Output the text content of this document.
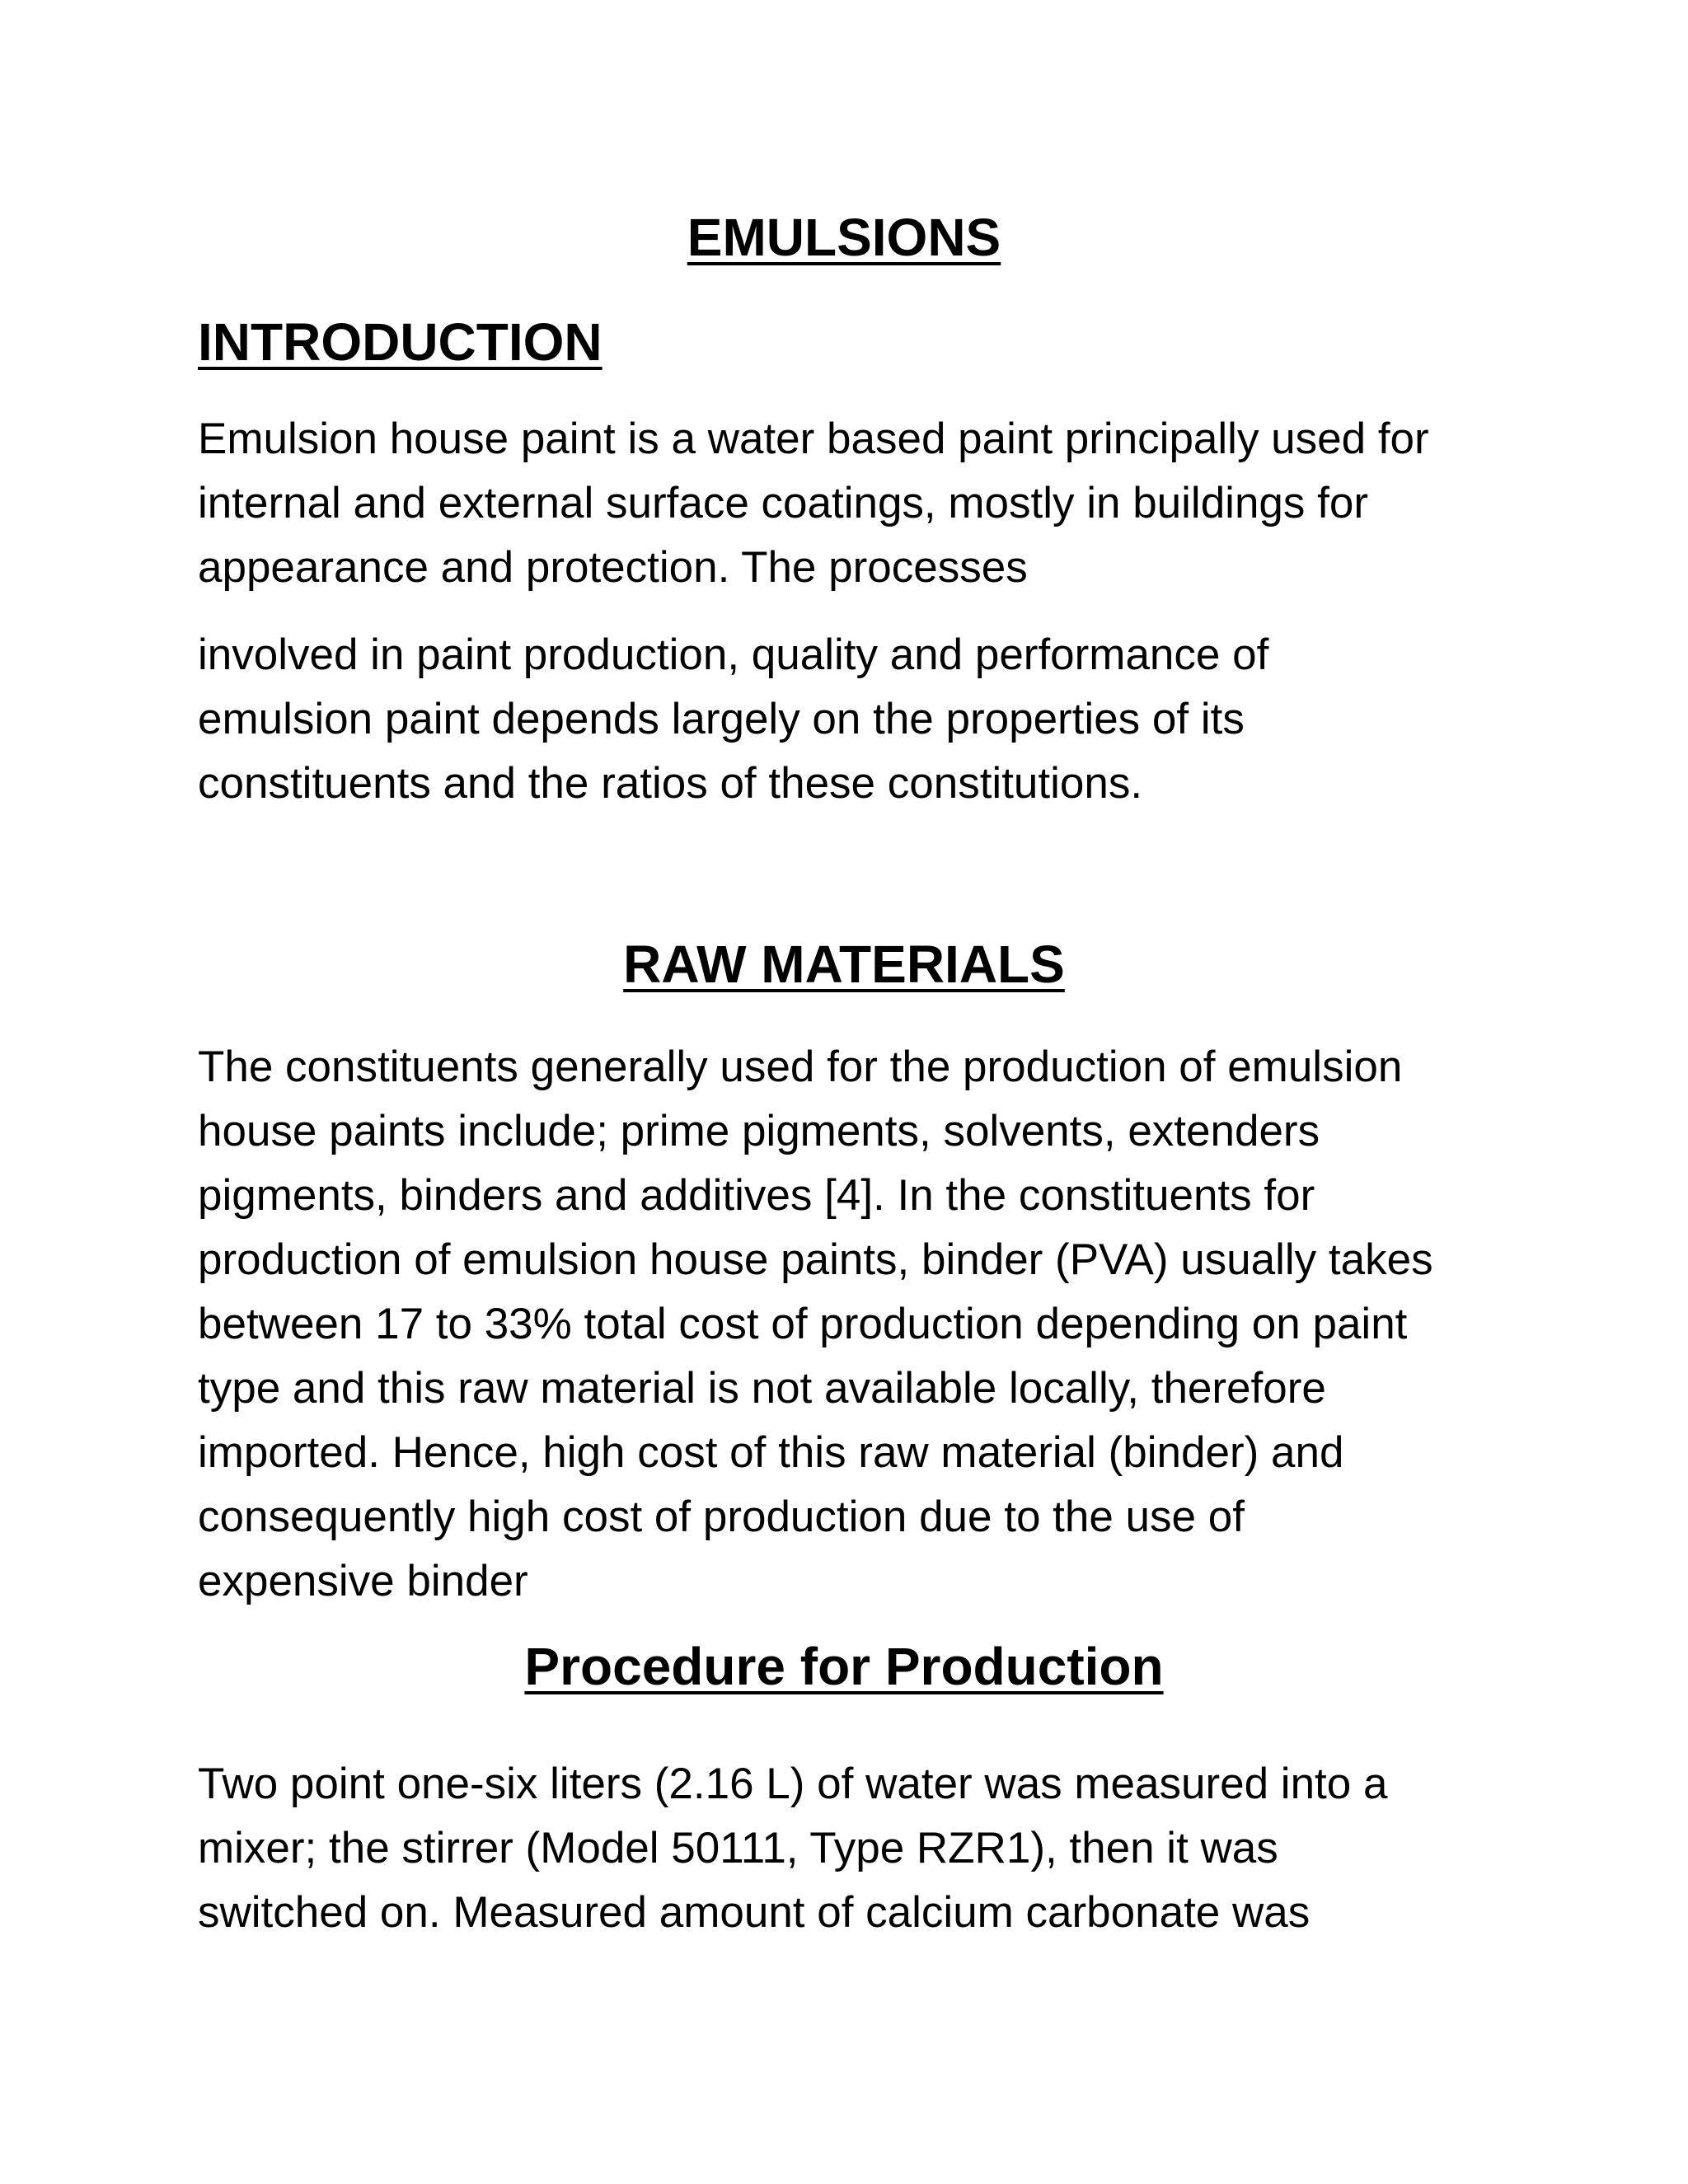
EMULSIONS
INTRODUCTION

Emulsion house paint is a water based paint principally used for
internal and external surface coatings, mostly in buildings for
appearance and protection. The processes

involved in paint production, quality and performance of
emulsion paint depends largely on the properties of its
constituents and the ratios of these constitutions.

RAW MATERIALS

The constituents generally used for the production of emulsion
house paints include; prime pigments, solvents, extenders
pigments, binders and additives [4]. In the constituents for
production of emulsion house paints, binder (PVA) usually takes
between 17 to 33% total cost of production depending on paint
type and this raw material is not available locally, therefore
imported. Hence, high cost of this raw material (binder) and
consequently high cost of production due to the use of
expensive binder

Procedure for Production

Two point one-six liters (2.16 L) of water was measured into a
mixer; the stirrer (Model 50111, Type RZR1), then it was
switched on. Measured amount of calcium carbonate was
